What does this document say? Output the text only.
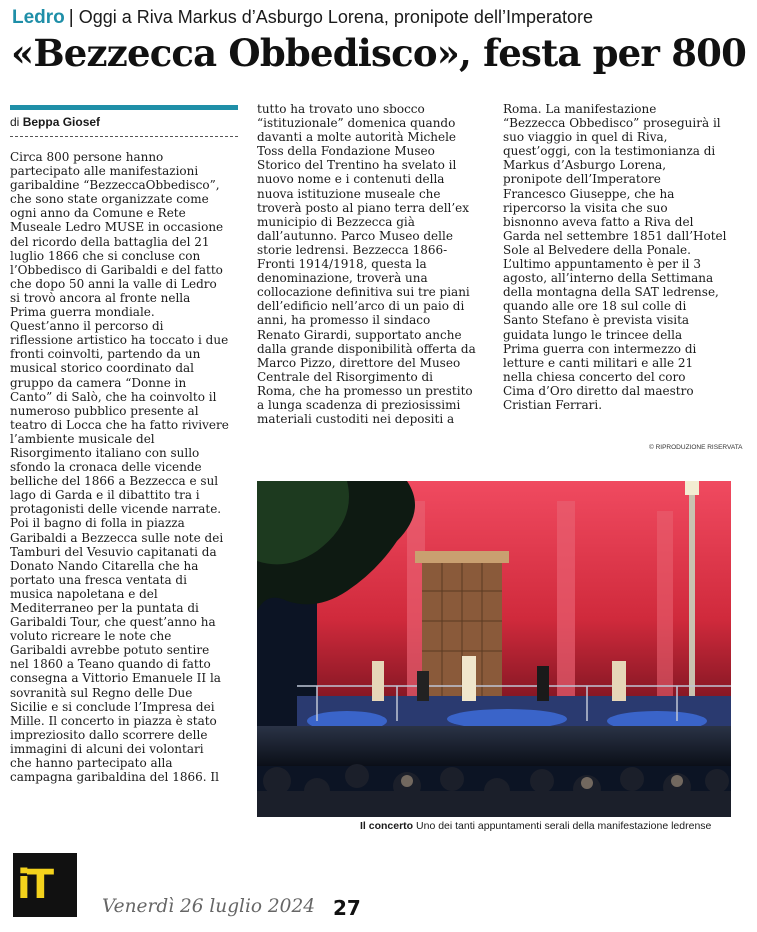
Ledro | Oggi a Riva Markus d’Asburgo Lorena, pronipote dell’Imperatore
«Bezzecca Obbedisco», festa per 800
di Beppa Giosef
Circa 800 persone hanno
partecipato alle manifestazioni
garibaldine “BezzeccaObbedisco”,
che sono state organizzate come
ogni anno da Comune e Rete
Museale Ledro MUSE in occasione
del ricordo della battaglia del 21
luglio 1866 che si concluse con
l’Obbedisco di Garibaldi e del fatto
che dopo 50 anni la valle di Ledro
si trovò ancora al fronte nella
Prima guerra mondiale.
Quest’anno il percorso di
riflessione artistico ha toccato i due
fronti coinvolti, partendo da un
musical storico coordinato dal
gruppo da camera “Donne in
Canto” di Salò, che ha coinvolto il
numeroso pubblico presente al
teatro di Locca che ha fatto rivivere
l’ambiente musicale del
Risorgimento italiano con sullo
sfondo la cronaca delle vicende
belliche del 1866 a Bezzecca e sul
lago di Garda e il dibattito tra i
protagonisti delle vicende narrate.
Poi il bagno di folla in piazza
Garibaldi a Bezzecca sulle note dei
Tamburi del Vesuvio capitanati da
Donato Nando Citarella che ha
portato una fresca ventata di
musica napoletana e del
Mediterraneo per la puntata di
Garibaldi Tour, che quest’anno ha
voluto ricreare le note che
Garibaldi avrebbe potuto sentire
nel 1860 a Teano quando di fatto
consegna a Vittorio Emanuele II la
sovranità sul Regno delle Due
Sicilie e si conclude l’Impresa dei
Mille. Il concerto in piazza è stato
impreziosito dallo scorrere delle
immagini di alcuni dei volontari
che hanno partecipato alla
campagna garibaldina del 1866. Il
tutto ha trovato uno sbocco
“istituzionale” domenica quando
davanti a molte autorità Michele
Toss della Fondazione Museo
Storico del Trentino ha svelato il
nuovo nome e i contenuti della
nuova istituzione museale che
troverà posto al piano terra dell’ex
municipio di Bezzecca già
dall’autunno. Parco Museo delle
storie ledrensi. Bezzecca 1866-
Fronti 1914/1918, questa la
denominazione, troverà una
collocazione definitiva sui tre piani
dell’edificio nell’arco di un paio di
anni, ha promesso il sindaco
Renato Girardi, supportato anche
dalla grande disponibilità offerta da
Marco Pizzo, direttore del Museo
Centrale del Risorgimento di
Roma, che ha promesso un prestito
a lunga scadenza di preziosissimi
materiali custoditi nei depositi a
Roma. La manifestazione
“Bezzecca Obbedisco” proseguirà il
suo viaggio in quel di Riva,
quest’oggi, con la testimonianza di
Markus d’Asburgo Lorena,
pronipote dell’Imperatore
Francesco Giuseppe, che ha
ripercorso la visita che suo
bisnonno aveva fatto a Riva del
Garda nel settembre 1851 dall’Hotel
Sole al Belvedere della Ponale.
L’ultimo appuntamento è per il 3
agosto, all’interno della Settimana
della montagna della SAT ledrense,
quando alle ore 18 sul colle di
Santo Stefano è prevista visita
guidata lungo le trincee della
Prima guerra con intermezzo di
letture e canti militari e alle 21
nella chiesa concerto del coro
Cima d’Oro diretto dal maestro
Cristian Ferrari.
© RIPRODUZIONE RISERVATA
Il concerto Uno dei tanti appuntamenti serali della manifestazione ledrense
iT	Venerdì 26 luglio 2024 27
